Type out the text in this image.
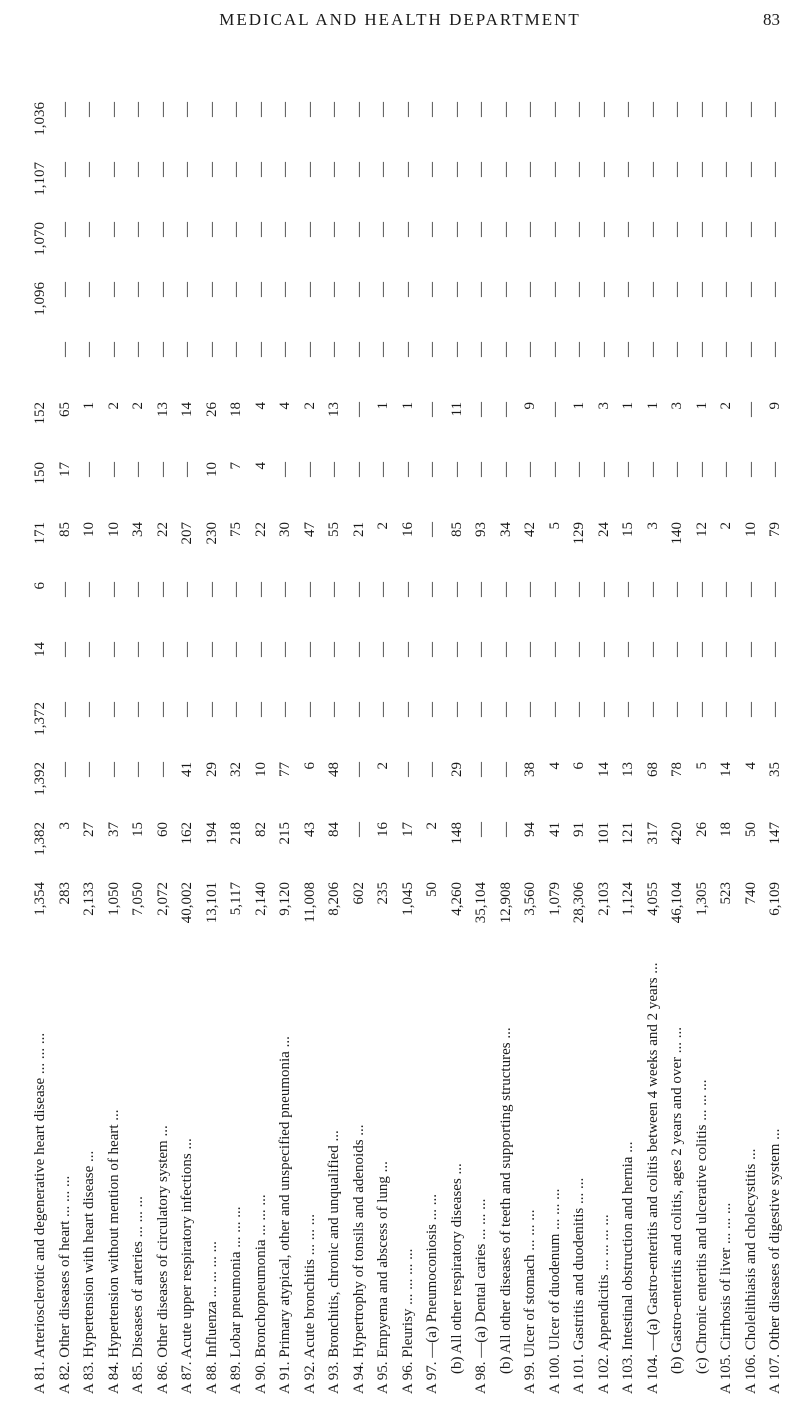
MEDICAL AND HEALTH DEPARTMENT	83
A 81. Arteriosclerotic and degenerative heart disease ... ... ...
1,354
1,382
1,392
1,372
14
6
171
150
152
1,096
1,070
1,107
1,036
A 82. Other diseases of heart ... ... ...
283
3
—
—
—
—
85
17
65
—
—
—
—
—
A 83. Hypertension with heart disease ...
2,133
27
—
—
—
—
10
—
1
—
—
—
—
—
A 84. Hypertension without mention of heart ...
1,050
37
—
—
—
—
10
—
2
—
—
—
—
—
A 85. Diseases of arteries ... ... ...
7,050
15
—
—
—
—
34
—
2
—
—
—
—
—
A 86. Other diseases of circulatory system ...
2,072
60
—
—
—
—
22
—
13
—
—
—
—
—
A 87. Acute upper respiratory infections ...
40,002
162
41
—
—
—
207
—
14
—
—
—
—
—
A 88. Influenza ... ... ... ...
13,101
194
29
—
—
—
230
10
26
—
—
—
—
—
A 89. Lobar pneumonia ... ... ...
5,117
218
32
—
—
—
75
7
18
—
—
—
—
—
A 90. Bronchopneumonia ... ... ...
2,140
82
10
—
—
—
22
4
4
—
—
—
—
—
A 91. Primary atypical, other and unspecified pneumonia ...
9,120
215
77
—
—
—
30
—
4
—
—
—
—
—
A 92. Acute bronchitis ... ... ...
11,008
43
6
—
—
—
47
—
2
—
—
—
—
—
A 93. Bronchitis, chronic and unqualified ...
8,206
84
48
—
—
—
55
—
13
—
—
—
—
—
A 94. Hypertrophy of tonsils and adenoids ...
602
—
—
—
—
—
21
—
—
—
—
—
—
—
A 95. Empyema and abscess of lung ...
235
16
2
—
—
—
2
—
1
—
—
—
—
—
A 96. Pleurisy ... ... ... ...
1,045
17
—
—
—
—
16
—
1
—
—
—
—
—
A 97. —(a) Pneumoconiosis ... ...
50
2
—
—
—
—
—
—
—
—
—
—
—
—
(b) All other respiratory diseases ...
4,260
148
29
—
—
—
85
—
11
—
—
—
—
—
A 98. —(a) Dental caries ... ... ...
35,104
—
—
—
—
—
93
—
—
—
—
—
—
—
(b) All other diseases of teeth and supporting structures ...
12,908
—
—
—
—
—
34
—
—
—
—
—
—
—
A 99. Ulcer of stomach ... ... ...
3,560
94
38
—
—
—
42
—
9
—
—
—
—
—
A 100. Ulcer of duodenum ... ... ...
1,079
41
4
—
—
—
5
—
—
—
—
—
—
—
A 101. Gastritis and duodenitis ... ...
28,306
91
6
—
—
—
129
—
1
—
—
—
—
—
A 102. Appendicitis ... ... ... ...
2,103
101
14
—
—
—
24
—
3
—
—
—
—
—
A 103. Intestinal obstruction and hernia ...
1,124
121
13
—
—
—
15
—
1
—
—
—
—
—
A 104. —(a) Gastro-enteritis and colitis between 4 weeks and 2 years ...
4,055
317
68
—
—
—
3
—
1
—
—
—
—
—
(b) Gastro-enteritis and colitis, ages 2 years and over ... ...
46,104
420
78
—
—
—
140
—
3
—
—
—
—
—
(c) Chronic enteritis and ulcerative colitis ... ... ...
1,305
26
5
—
—
—
12
—
1
—
—
—
—
—
A 105. Cirrhosis of liver ... ... ...
523
18
14
—
—
—
2
—
2
—
—
—
—
—
A 106. Cholelithiasis and cholecystitis ...
740
50
4
—
—
—
10
—
—
—
—
—
—
—
A 107. Other diseases of digestive system ...
6,109
147
35
—
—
—
79
—
9
—
—
—
—
—
